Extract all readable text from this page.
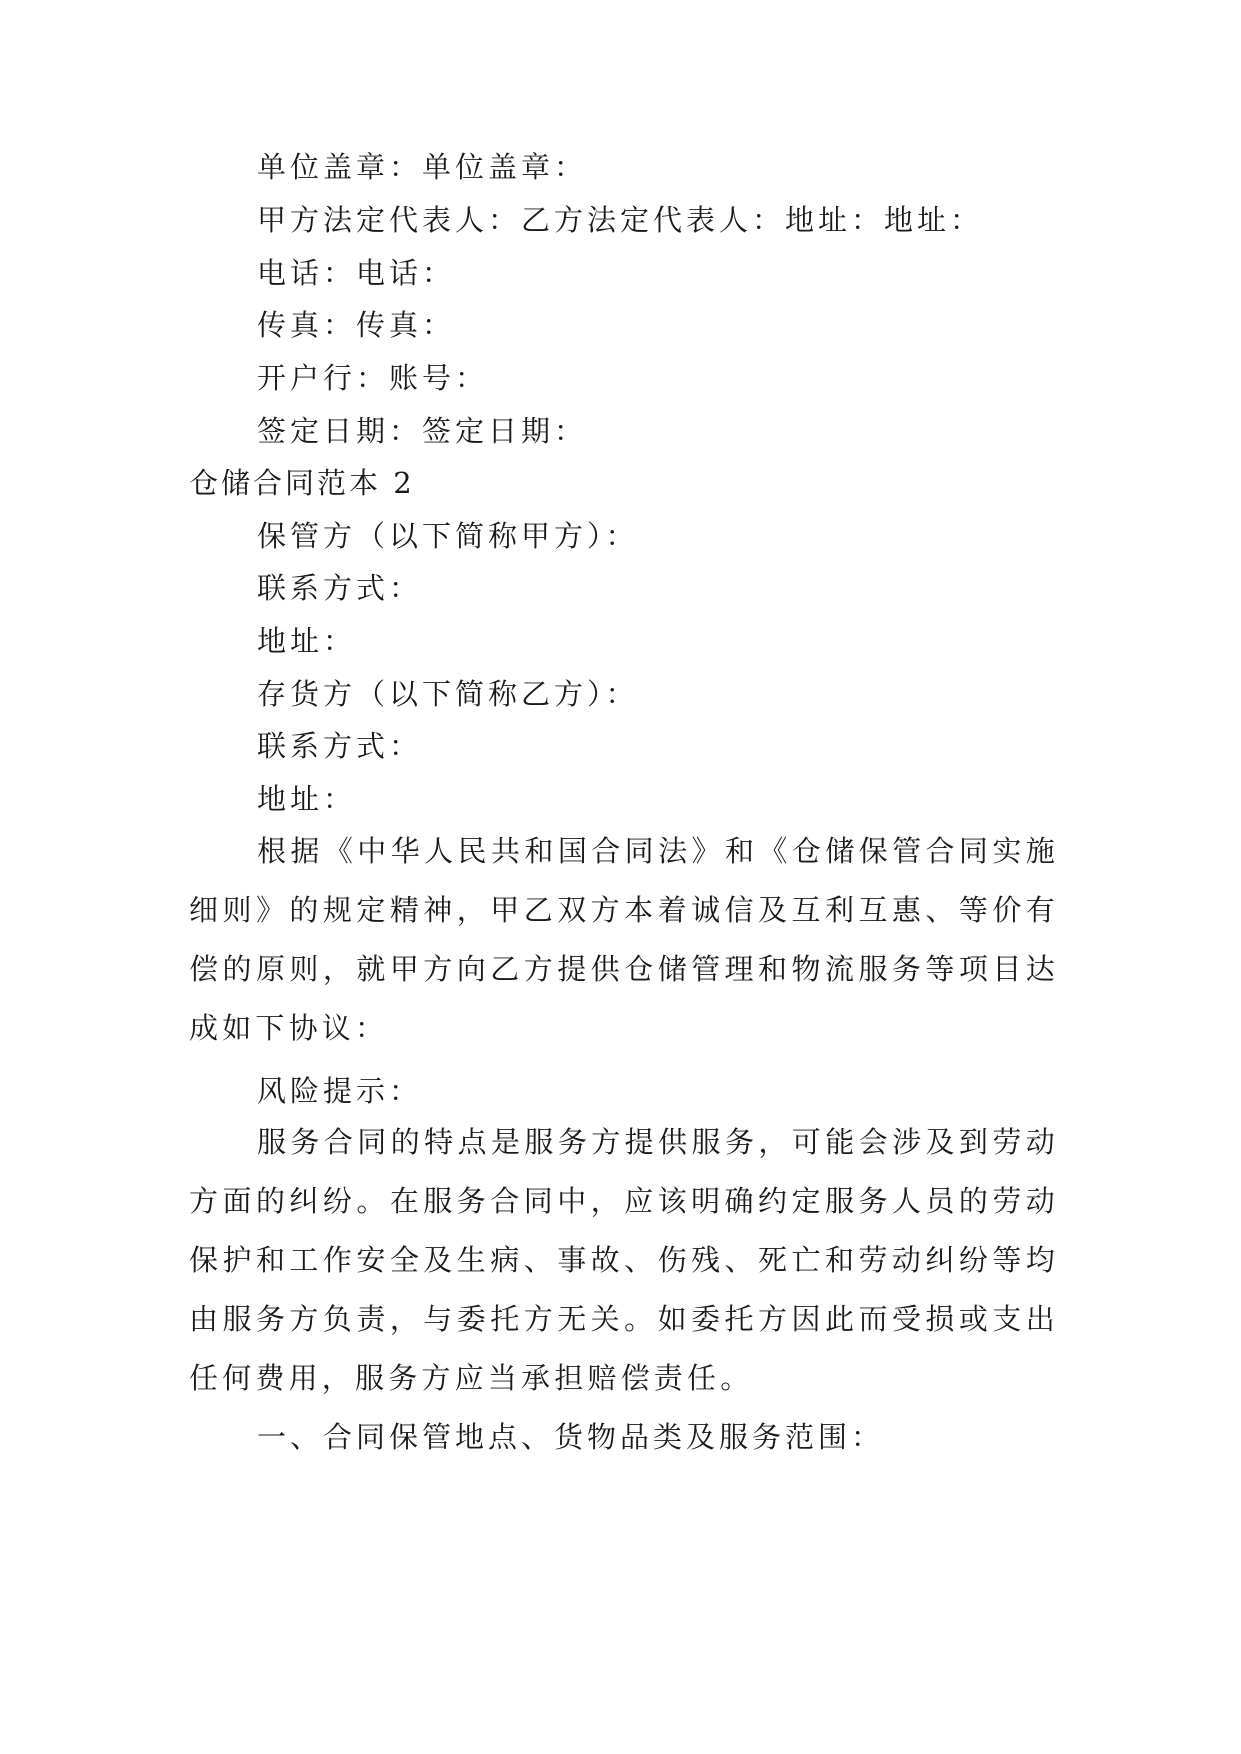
单位盖章：单位盖章：
甲方法定代表人：乙方法定代表人：地址：地址：
电话：电话：
传真：传真：
开户行：账号：
签定日期：签定日期：
仓储合同范本 2
保管方（以下简称甲方）：
联系方式：
地址：
存货方（以下简称乙方）：
联系方式：
地址：
根据《中华人民共和国合同法》和《仓储保管合同实施细则》的规定精神，甲乙双方本着诚信及互利互惠、等价有偿的原则，就甲方向乙方提供仓储管理和物流服务等项目达成如下协议：
风险提示：
服务合同的特点是服务方提供服务，可能会涉及到劳动方面的纠纷。在服务合同中，应该明确约定服务人员的劳动保护和工作安全及生病、事故、伤残、死亡和劳动纠纷等均由服务方负责，与委托方无关。如委托方因此而受损或支出任何费用，服务方应当承担赔偿责任。
一、合同保管地点、货物品类及服务范围：
